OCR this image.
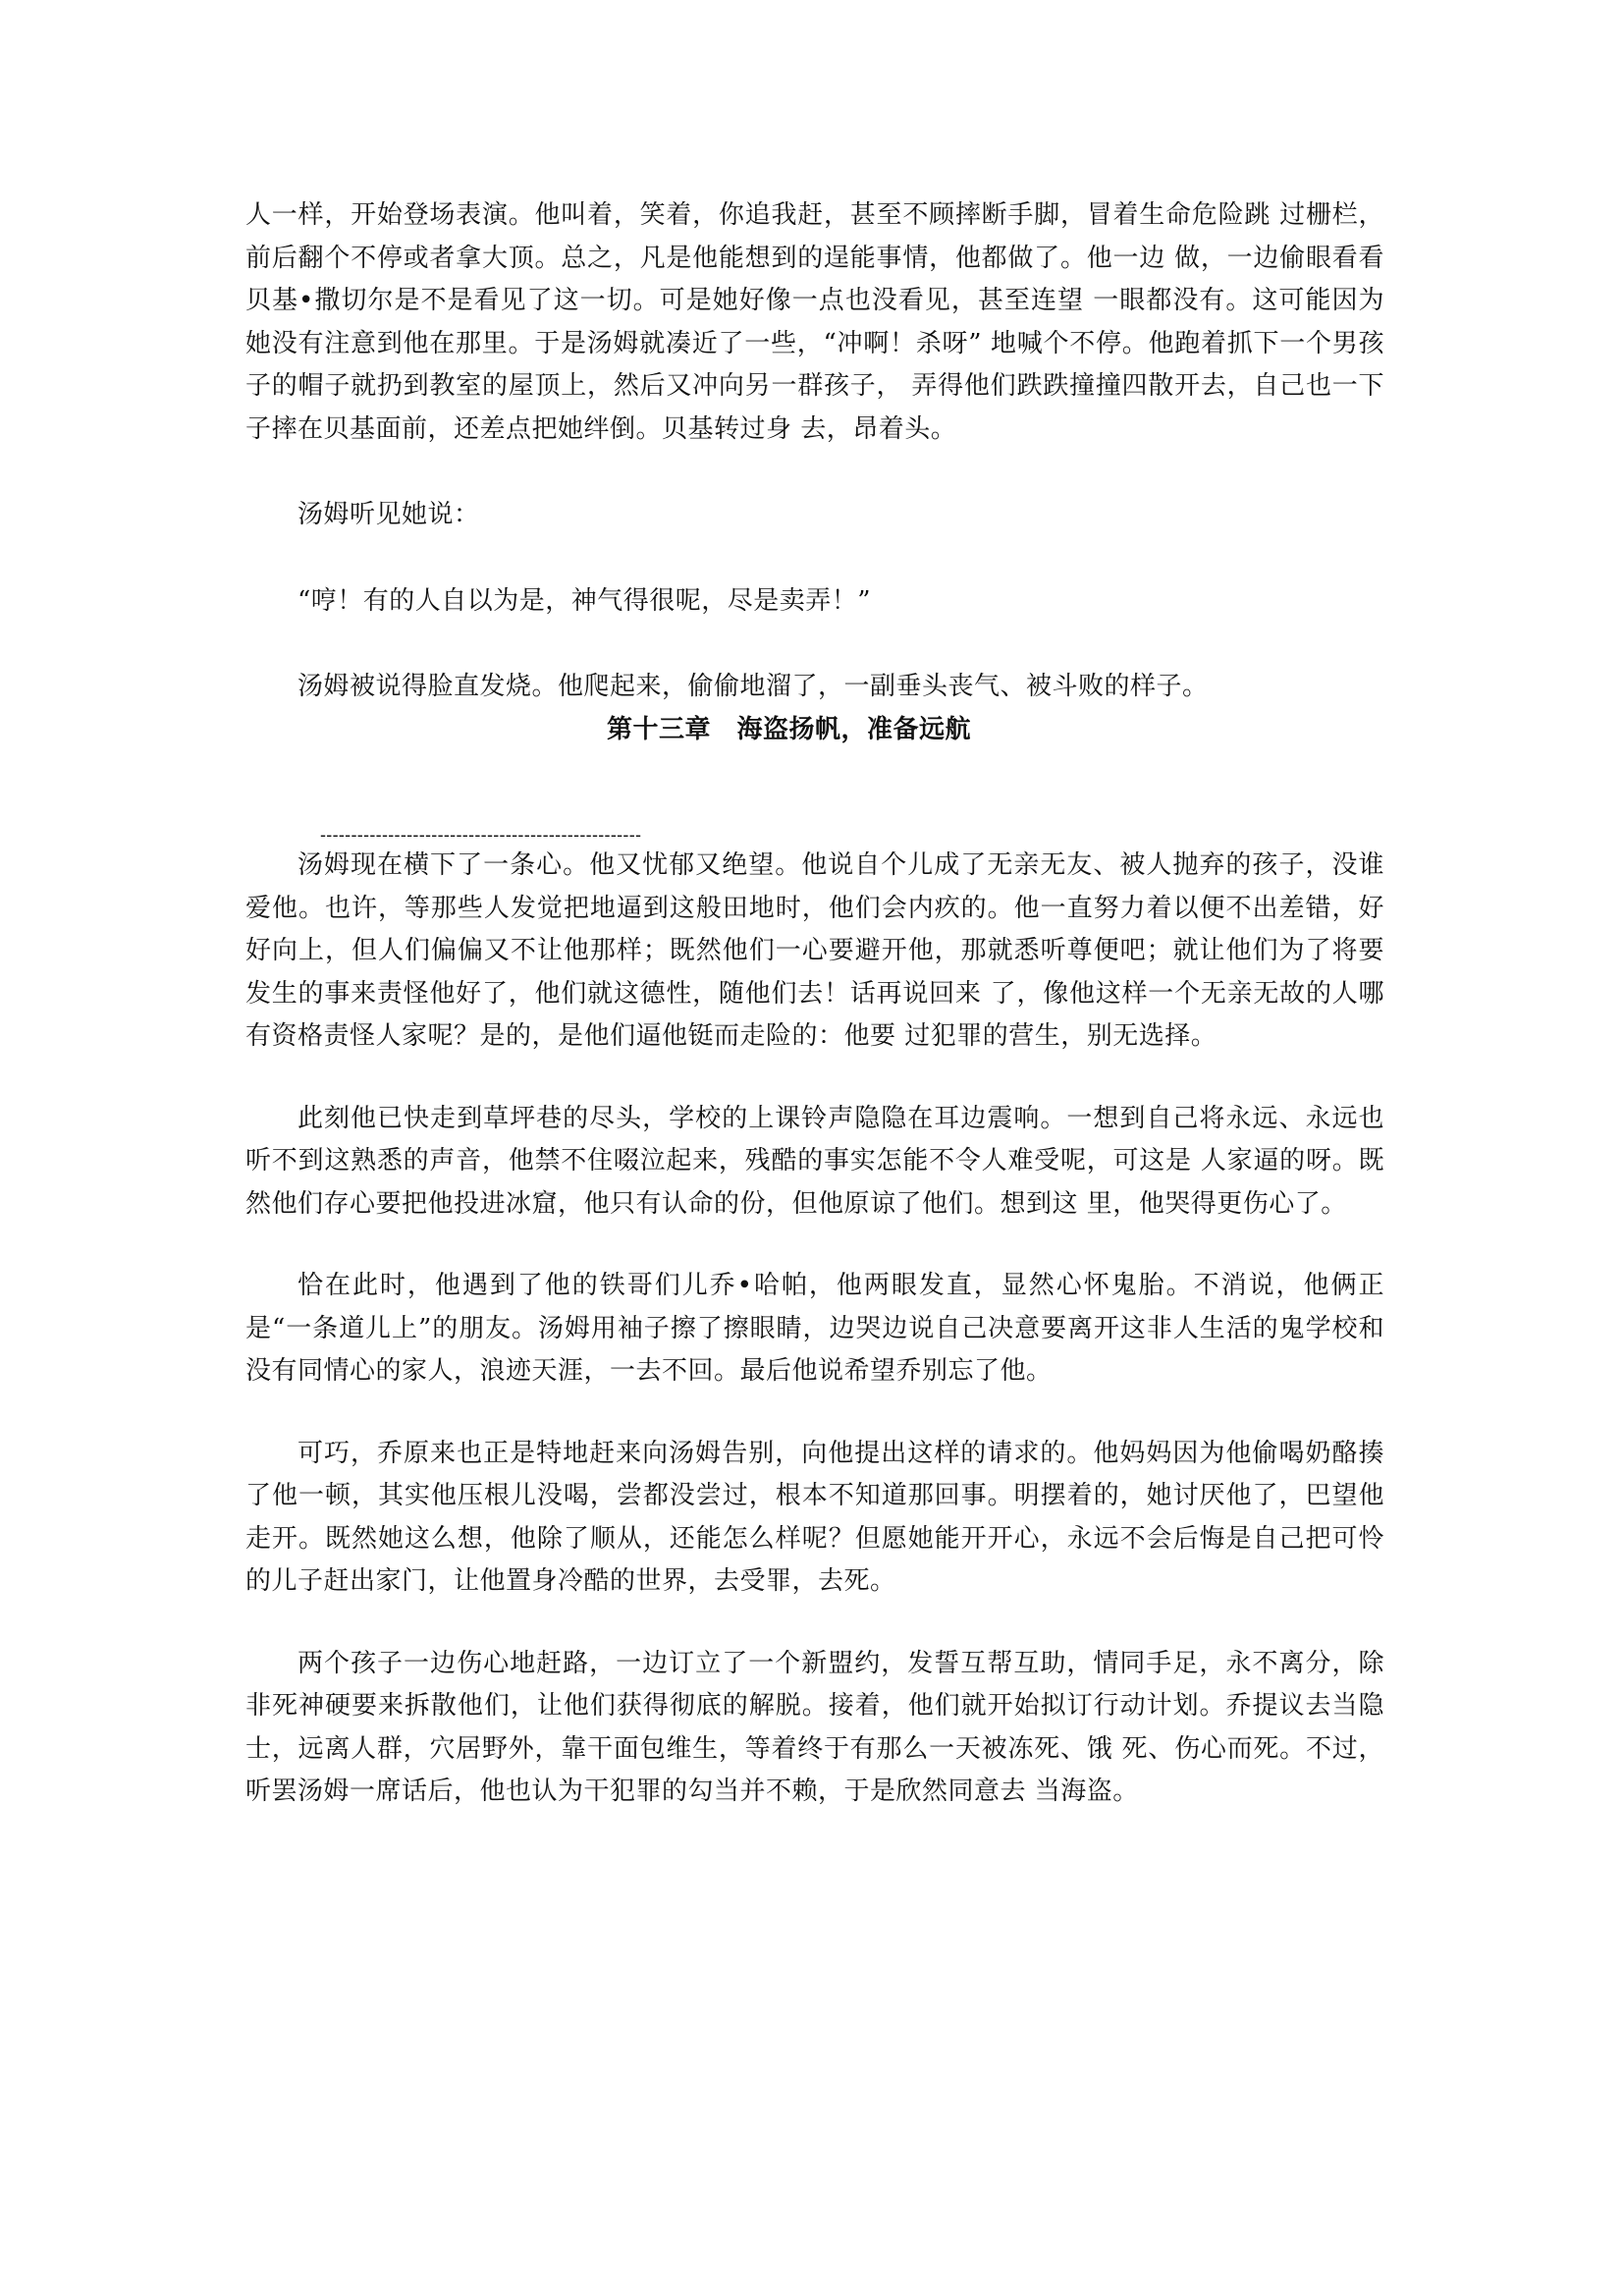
人一样，开始登场表演。他叫着，笑着，你追我赶，甚至不顾摔断手脚，冒着生命危险跳 过栅栏，前后翻个不停或者拿大顶。总之，凡是他能想到的逞能事情，他都做了。他一边 做，一边偷眼看看贝基•撒切尔是不是看见了这一切。可是她好像一点也没看见，甚至连望 一眼都没有。这可能因为她没有注意到他在那里。于是汤姆就凑近了一些，“冲啊！杀呀” 地喊个不停。他跑着抓下一个男孩子的帽子就扔到教室的屋顶上，然后又冲向另一群孩子， 弄得他们跌跌撞撞四散开去，自己也一下子摔在贝基面前，还差点把她绊倒。贝基转过身 去，昂着头。

汤姆听见她说：

“哼！有的人自以为是，神气得很呢，尽是卖弄！”

汤姆被说得脸直发烧。他爬起来，偷偷地溜了，一副垂头丧气、被斗败的样子。

第十三章　海盗扬帆，准备远航
----------------------------------------------------

汤姆现在横下了一条心。他又忧郁又绝望。他说自个儿成了无亲无友、被人抛弃的孩子，没谁爱他。也许，等那些人发觉把地逼到这般田地时，他们会内疚的。他一直努力着以便不出差错，好好向上，但人们偏偏又不让他那样；既然他们一心要避开他，那就悉听尊便吧；就让他们为了将要发生的事来责怪他好了，他们就这德性，随他们去！话再说回来 了，像他这样一个无亲无故的人哪有资格责怪人家呢？是的，是他们逼他铤而走险的：他要 过犯罪的营生，别无选择。

此刻他已快走到草坪巷的尽头，学校的上课铃声隐隐在耳边震响。一想到自己将永远、永远也听不到这熟悉的声音，他禁不住啜泣起来，残酷的事实怎能不令人难受呢，可这是 人家逼的呀。既然他们存心要把他投进冰窟，他只有认命的份，但他原谅了他们。想到这 里，他哭得更伤心了。

恰在此时，他遇到了他的铁哥们儿乔•哈帕，他两眼发直，显然心怀鬼胎。不消说，他俩正是“一条道儿上”的朋友。汤姆用袖子擦了擦眼睛，边哭边说自己决意要离开这非人生活的鬼学校和没有同情心的家人，浪迹天涯，一去不回。最后他说希望乔别忘了他。

可巧，乔原来也正是特地赶来向汤姆告别，向他提出这样的请求的。他妈妈因为他偷喝奶酪揍了他一顿，其实他压根儿没喝，尝都没尝过，根本不知道那回事。明摆着的，她讨厌他了，巴望他走开。既然她这么想，他除了顺从，还能怎么样呢？但愿她能开开心，永远不会后悔是自己把可怜的儿子赶出家门，让他置身冷酷的世界，去受罪，去死。

两个孩子一边伤心地赶路，一边订立了一个新盟约，发誓互帮互助，情同手足，永不离分，除非死神硬要来拆散他们，让他们获得彻底的解脱。接着，他们就开始拟订行动计划。乔提议去当隐士，远离人群，穴居野外，靠干面包维生，等着终于有那么一天被冻死、饿 死、伤心而死。不过，听罢汤姆一席话后，他也认为干犯罪的勾当并不赖，于是欣然同意去 当海盗。
